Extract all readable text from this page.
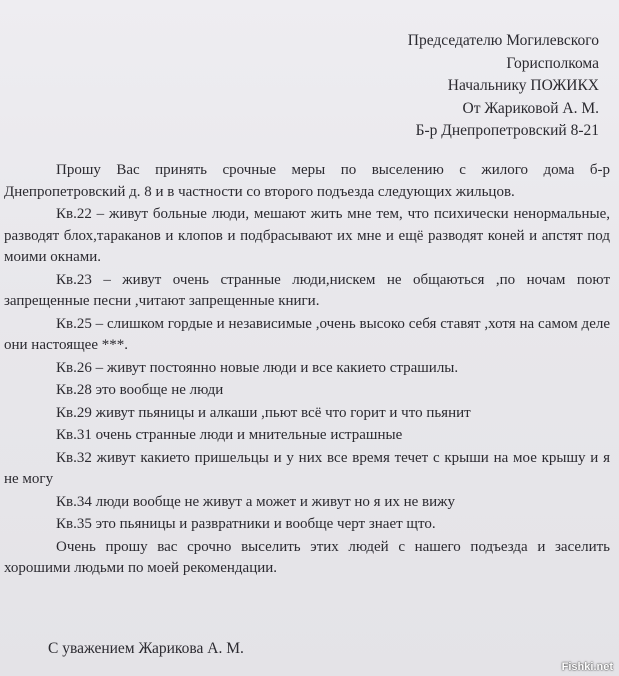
Председателю Могилевского
Горисполкома
Начальнику ПОЖИКХ
От Жариковой А. М.
Б-р Днепропетровский 8-21

Прошу Вас принять срочные меры по выселению с жилого дома б-р Днепропетровский д. 8 и в частности со второго подъезда следующих жильцов.

Кв.22 – живут больные люди, мешают жить мне тем, что психически ненормальные, разводят блох,тараканов и клопов и подбрасывают их мне и ещё разводят коней и апстят под моими окнами.

Кв.23 – живут очень странные люди,нискем не общаються ,по ночам поют запрещенные песни ,читают запрещенные книги.

Кв.25 – слишком гордые и независимые ,очень высоко себя ставят ,хотя на самом деле они настоящее ***.

Кв.26 – живут постоянно новые люди и все какието страшилы.

Кв.28 это вообще не люди

Кв.29 живут пьяницы и алкаши ,пьют всё что горит и что пьянит

Кв.31 очень странные люди и мнительные истрашные

Кв.32 живут какието пришельцы и у них все время течет с крыши на мое крышу и я не могу

Кв.34 люди вообще не живут а может и живут но я их не вижу

Кв.35 это пьяницы и развратники и вообще черт знает щто.

Очень прошу вас срочно выселить этих людей с нашего подъезда и заселить хорошими людьми по моей рекомендации.

С уважением Жарикова А. М.
Fishki.net
